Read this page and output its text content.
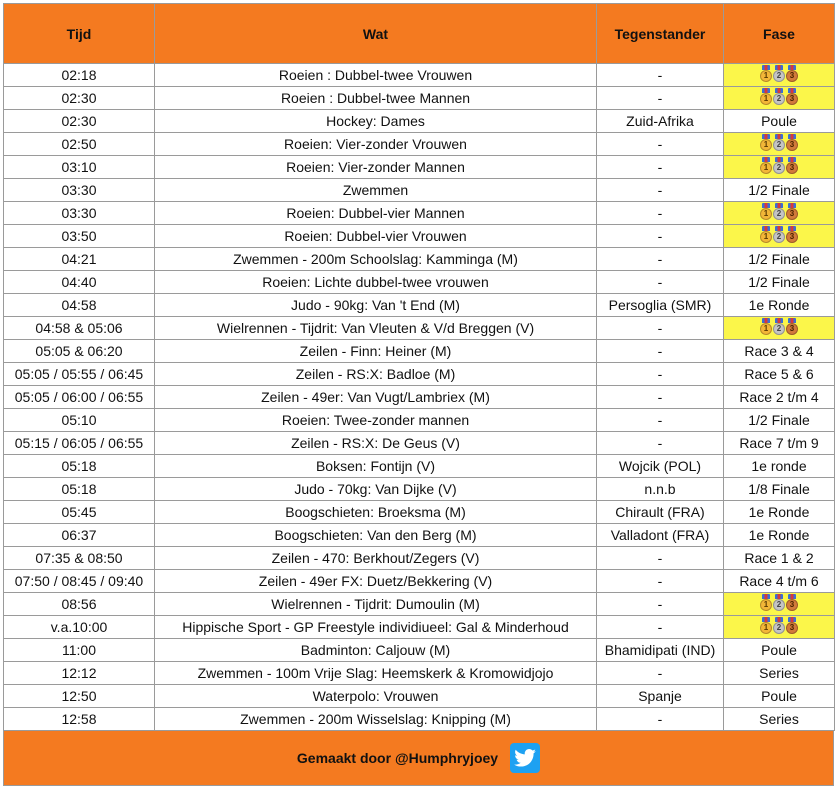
Tijd	Wat	Tegenstander	Fase
02:18	Roeien : Dubbel-twee Vrouwen	-	1 2 3

02:30	Roeien : Dubbel-twee Mannen	-	1 2 3

02:30	Hockey: Dames	Zuid-Afrika	Poule
02:50	Roeien: Vier-zonder Vrouwen	-	1 2 3

03:10	Roeien: Vier-zonder Mannen	-	1 2 3

03:30	Zwemmen	-	1/2 Finale
03:30	Roeien: Dubbel-vier Mannen	-	1 2 3

03:50	Roeien: Dubbel-vier Vrouwen	-	1 2 3

04:21	Zwemmen - 200m Schoolslag: Kamminga (M)	-	1/2 Finale
04:40	Roeien: Lichte dubbel-twee vrouwen	-	1/2 Finale
04:58	Judo - 90kg: Van 't End (M)	Persoglia (SMR)	1e Ronde
04:58 & 05:06	Wielrennen - Tijdrit: Van Vleuten & V/d Breggen (V)	-	1 2 3

05:05 & 06:20	Zeilen - Finn: Heiner (M)	-	Race 3 & 4
05:05 / 05:55 / 06:45	Zeilen - RS:X: Badloe (M)	-	Race 5 & 6
05:05 / 06:00 / 06:55	Zeilen - 49er: Van Vugt/Lambriex (M)	-	Race 2 t/m 4
05:10	Roeien: Twee-zonder mannen	-	1/2 Finale
05:15 / 06:05 / 06:55	Zeilen - RS:X: De Geus (V)	-	Race 7 t/m 9
05:18	Boksen: Fontijn (V)	Wojcik (POL)	1e ronde
05:18	Judo - 70kg: Van Dijke (V)	n.n.b	1/8 Finale
05:45	Boogschieten: Broeksma (M)	Chirault (FRA)	1e Ronde
06:37	Boogschieten: Van den Berg (M)	Valladont (FRA)	1e Ronde
07:35 & 08:50	Zeilen - 470: Berkhout/Zegers (V)	-	Race 1 & 2
07:50 / 08:45 / 09:40	Zeilen - 49er FX: Duetz/Bekkering (V)	-	Race 4 t/m 6
08:56	Wielrennen - Tijdrit: Dumoulin (M)	-	1 2 3

v.a.10:00	Hippische Sport - GP Freestyle individiueel: Gal & Minderhoud	-	1 2 3

11:00	Badminton: Caljouw (M)	Bhamidipati (IND)	Poule
12:12	Zwemmen - 100m Vrije Slag: Heemskerk & Kromowidjojo	-	Series
12:50	Waterpolo: Vrouwen	Spanje	Poule
12:58	Zwemmen - 200m Wisselslag: Knipping (M)	-	Series
Gemaakt door @Humphryjoey
